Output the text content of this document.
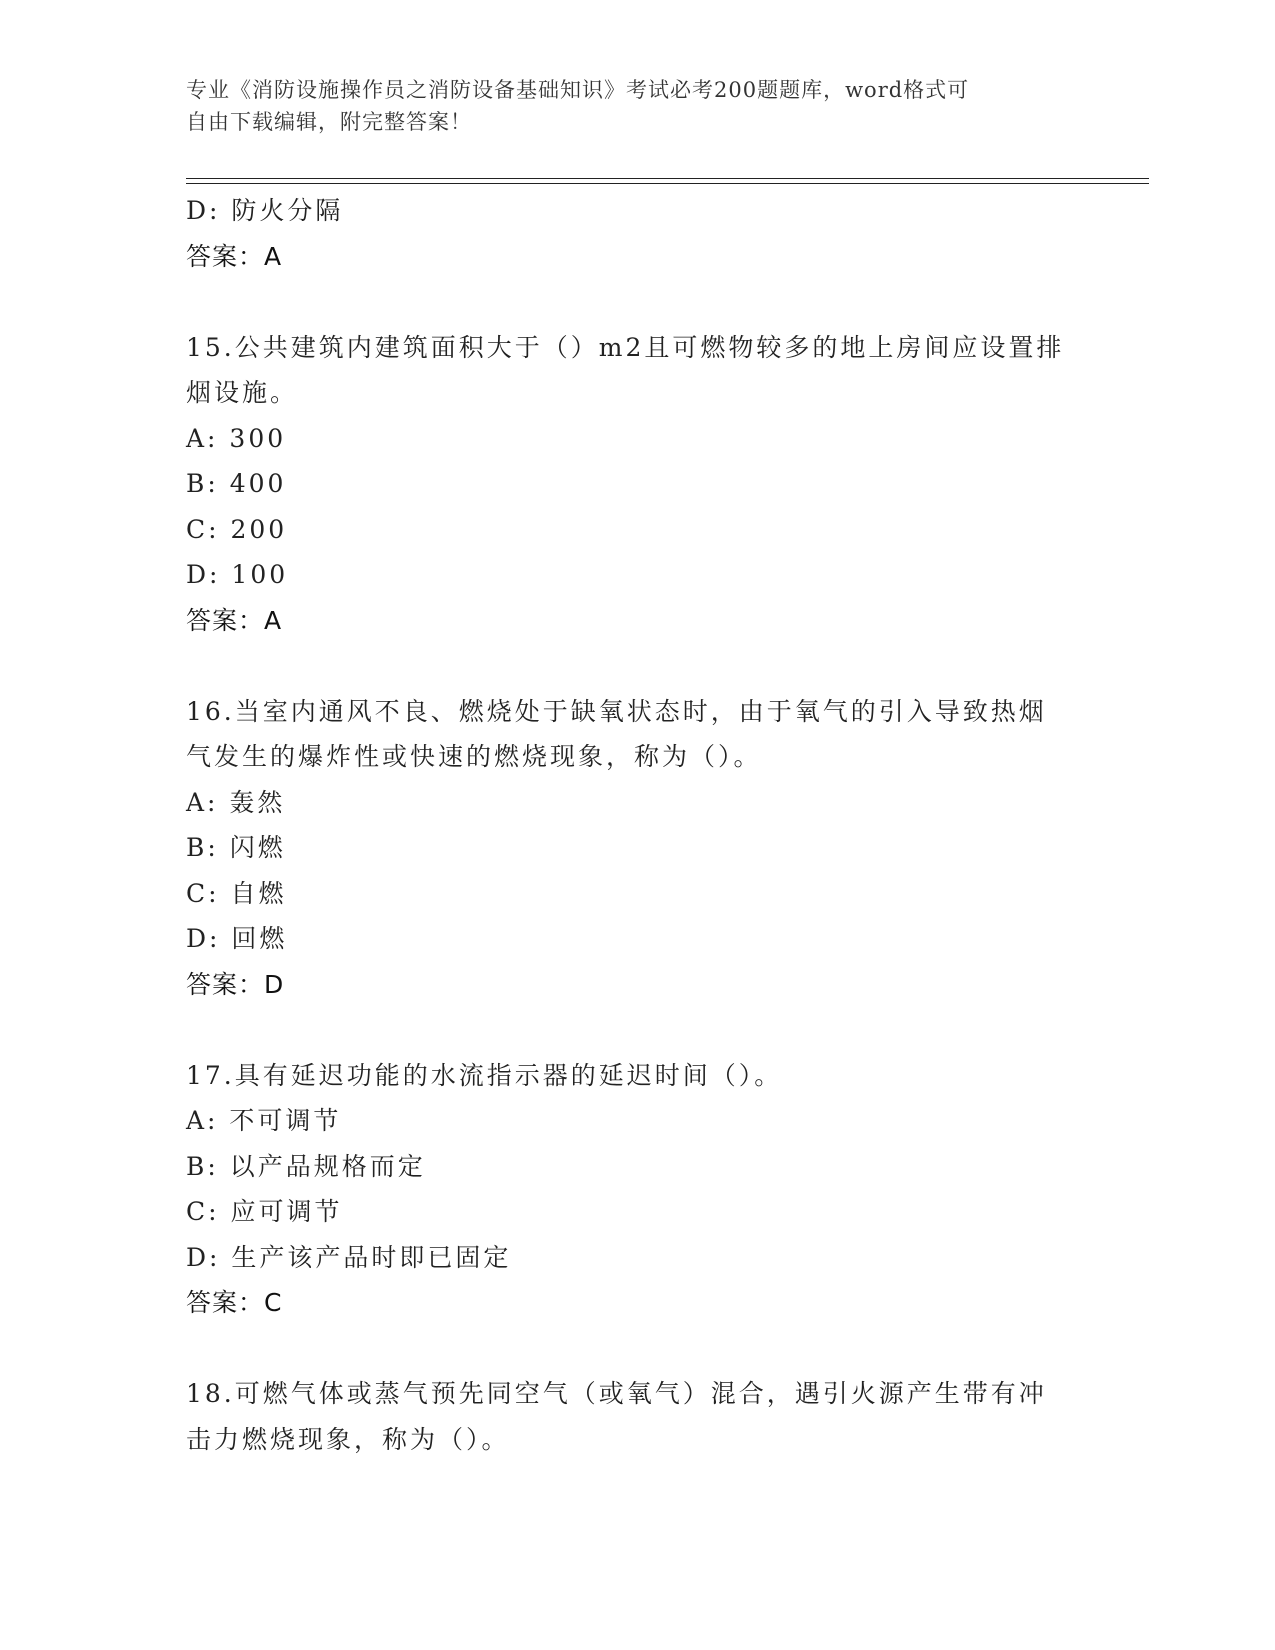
专业《消防设施操作员之消防设备基础知识》考试必考200题题库，word格式可
自由下载编辑，附完整答案！
D: 防火分隔
答案：A
15.公共建筑内建筑面积大于（）m2且可燃物较多的地上房间应设置排
烟设施。
A: 300
B: 400
C: 200
D: 100
答案：A
16.当室内通风不良、燃烧处于缺氧状态时，由于氧气的引入导致热烟
气发生的爆炸性或快速的燃烧现象，称为（）。
A: 轰然
B: 闪燃
C: 自燃
D: 回燃
答案：D
17.具有延迟功能的水流指示器的延迟时间（）。
A: 不可调节
B: 以产品规格而定
C: 应可调节
D: 生产该产品时即已固定
答案：C
18.可燃气体或蒸气预先同空气（或氧气）混合，遇引火源产生带有冲
击力燃烧现象，称为（）。
